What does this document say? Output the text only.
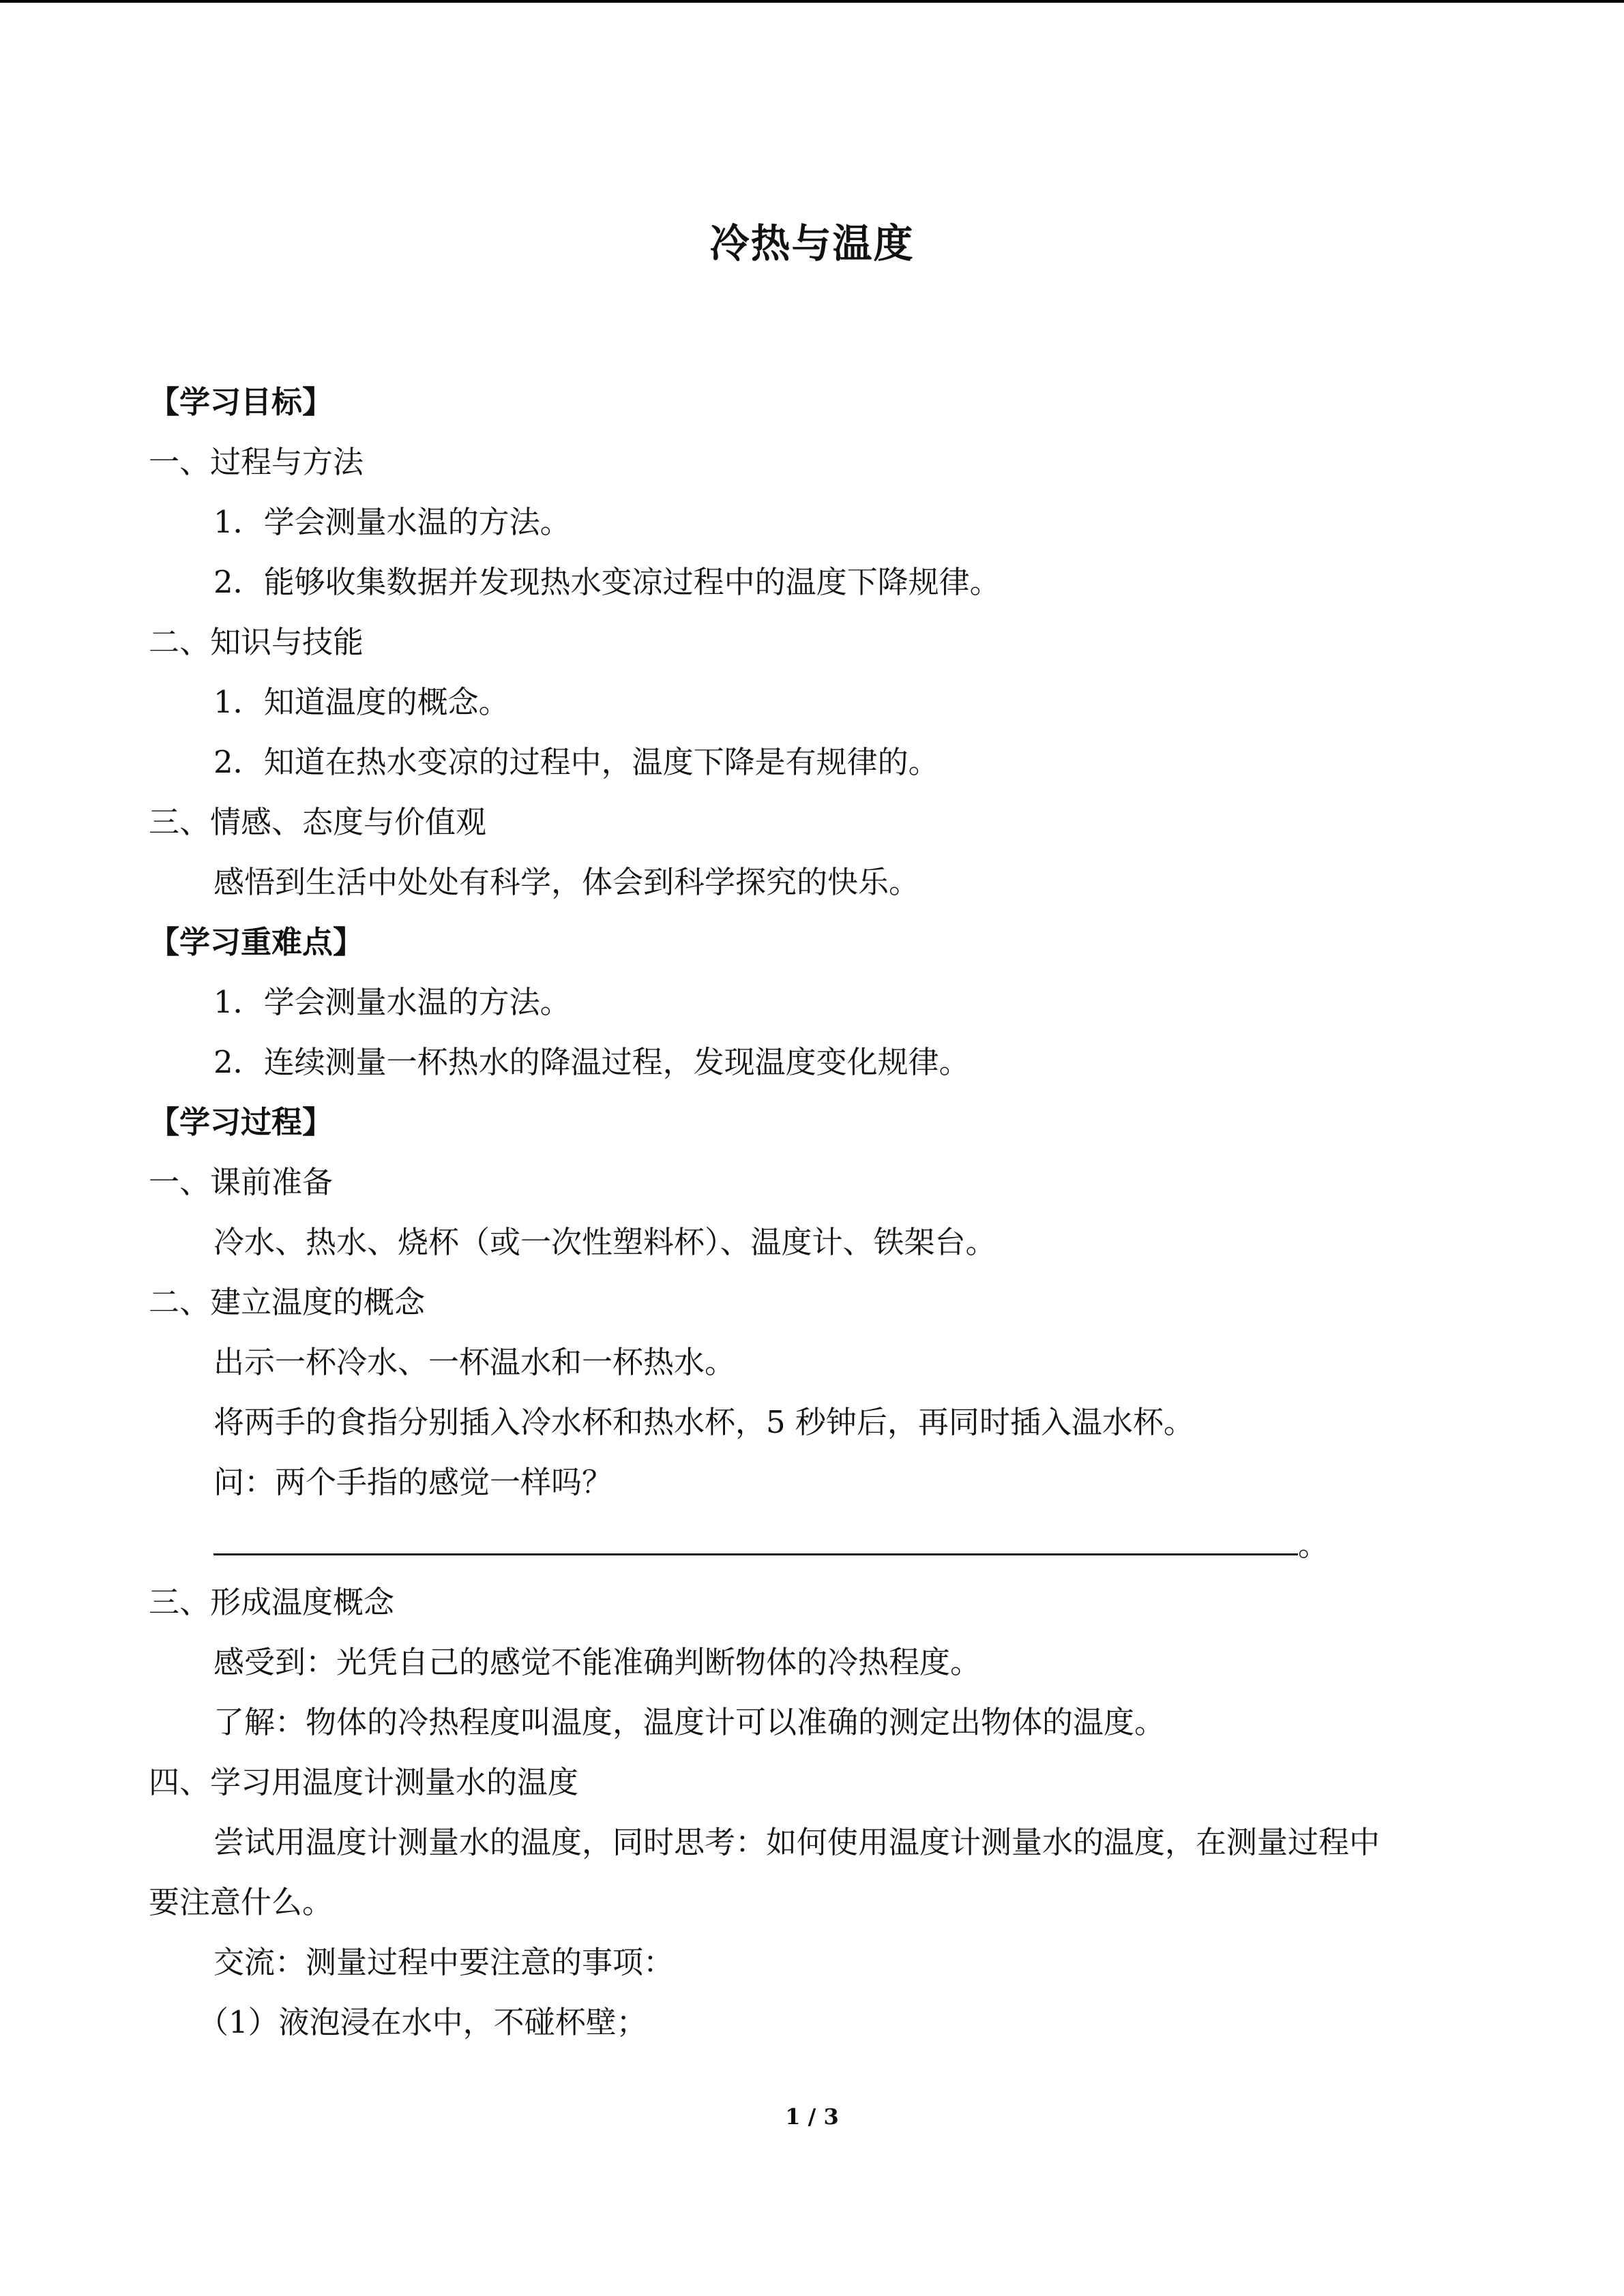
冷热与温度
【学习目标】
一、过程与方法
1．学会测量水温的方法。
2．能够收集数据并发现热水变凉过程中的温度下降规律。
二、知识与技能
1．知道温度的概念。
2．知道在热水变凉的过程中，温度下降是有规律的。
三、情感、态度与价值观
感悟到生活中处处有科学，体会到科学探究的快乐。
【学习重难点】
1．学会测量水温的方法。
2．连续测量一杯热水的降温过程，发现温度变化规律。
【学习过程】
一、课前准备
冷水、热水、烧杯（或一次性塑料杯）、温度计、铁架台。
二、建立温度的概念
出示一杯冷水、一杯温水和一杯热水。
将两手的食指分别插入冷水杯和热水杯，5 秒钟后，再同时插入温水杯。
问：两个手指的感觉一样吗？
。
三、形成温度概念
感受到：光凭自己的感觉不能准确判断物体的冷热程度。
了解：物体的冷热程度叫温度，温度计可以准确的测定出物体的温度。
四、学习用温度计测量水的温度
尝试用温度计测量水的温度，同时思考：如何使用温度计测量水的温度，在测量过程中
要注意什么。
交流：测量过程中要注意的事项：
（1）液泡浸在水中，不碰杯壁；
1 / 3
